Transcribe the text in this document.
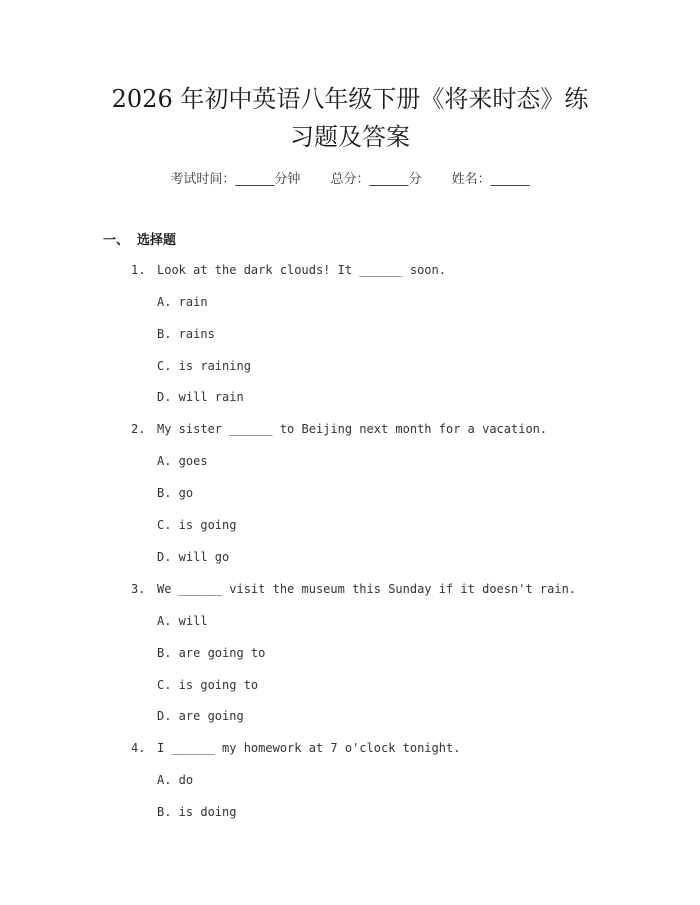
2026 年初中英语八年级下册《将来时态》练
习题及答案
考试时间：______分钟 总分：______分 姓名：______
一、 选择题
1. Look at the dark clouds! It ______ soon.
A. rain
B. rains
C. is raining
D. will rain
2. My sister ______ to Beijing next month for a vacation.
A. goes
B. go
C. is going
D. will go
3. We ______ visit the museum this Sunday if it doesn't rain.
A. will
B. are going to
C. is going to
D. are going
4. I ______ my homework at 7 o'clock tonight.
A. do
B. is doing
